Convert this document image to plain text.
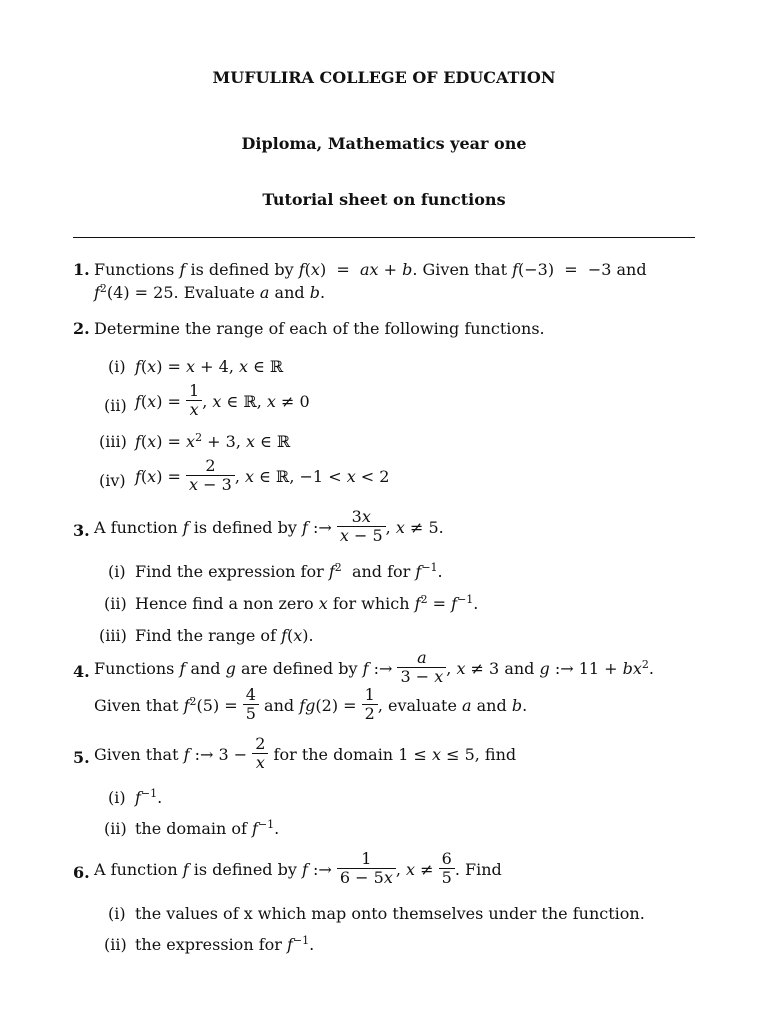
MUFULIRA COLLEGE OF EDUCATION
Diploma, Mathematics year one
Tutorial sheet on functions
1. Functions f is defined by f(x)  =  ax + b. Given that f(−3)  =  −3 and
$f^2(4) = 25$. Evaluate a and b.
2. Determine the range of each of the following functions.
(i) f(x) = x + 4, x ∈ ℝ
(ii) $f(x) = \frac{1}{x}$ , x ∈ ℝ, x ≠ 0
(iii) $f(x) = x^2 + 3$, x ∈ ℝ
(iv) $f(x) = \frac{2}{x - 3}$ , x ∈ ℝ, −1 < x < 2
3. A function f is defined by f :→ $\frac{3x}{x - 5}$ , x ≠ 5.
(i) Find the expression for $f^2$  and for $f^{-1}$.
(ii) Hence find a non zero x for which $f^2 = f^{-1}$.
(iii) Find the range of f(x).
4. Functions f and g are defined by f :→ $\frac{a}{3 - x}$ , x ≠ 3 and g :→ $11 + bx^2$.
Given that $f^2(5) = \frac{4}{5}$ and $fg(2) = \frac{1}{2}$ , evaluate a and b.
5. Given that f :→ $3 - \frac{2}{x}$ for the domain 1 ≤ x ≤ 5, find
(i) $f^{-1}$.
(ii) the domain of $f^{-1}$.
6. A function f is defined by f :→ $\frac{1}{6 - 5x}$ , $x \ne \frac{6}{5}$ . Find
(i) the values of x which map onto themselves under the function.
(ii) the expression for $f^{-1}$.
